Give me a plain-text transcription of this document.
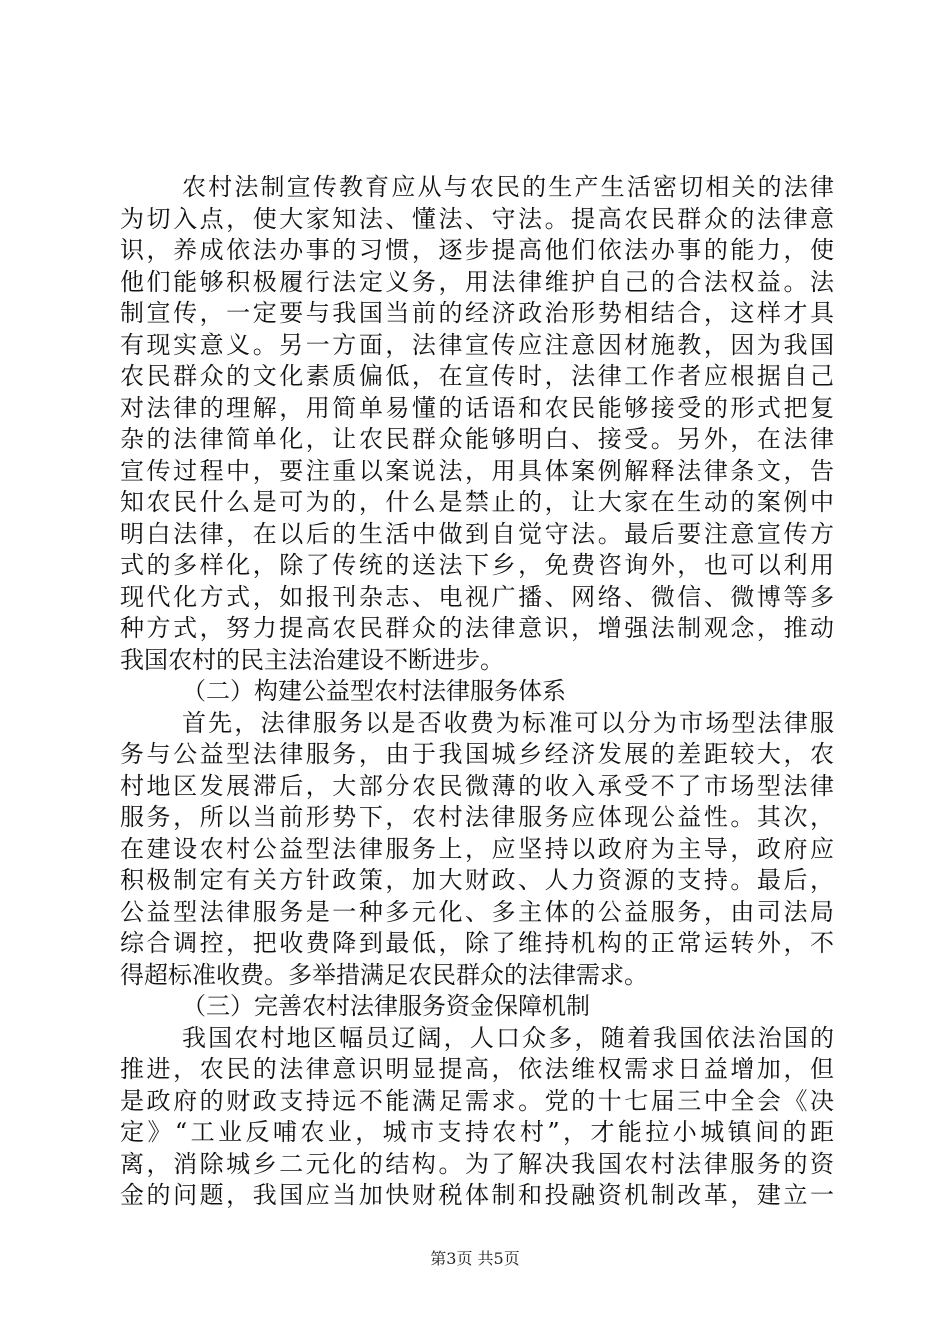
农村法制宣传教育应从与农民的生产生活密切相关的法律
为切入点，使大家知法、懂法、守法。提高农民群众的法律意
识，养成依法办事的习惯，逐步提高他们依法办事的能力，使
他们能够积极履行法定义务，用法律维护自己的合法权益。法
制宣传，一定要与我国当前的经济政治形势相结合，这样才具
有现实意义。另一方面，法律宣传应注意因材施教，因为我国
农民群众的文化素质偏低，在宣传时，法律工作者应根据自己
对法律的理解，用简单易懂的话语和农民能够接受的形式把复
杂的法律简单化，让农民群众能够明白、接受。另外，在法律
宣传过程中，要注重以案说法，用具体案例解释法律条文，告
知农民什么是可为的，什么是禁止的，让大家在生动的案例中
明白法律，在以后的生活中做到自觉守法。最后要注意宣传方
式的多样化，除了传统的送法下乡，免费咨询外，也可以利用
现代化方式，如报刊杂志、电视广播、网络、微信、微博等多
种方式，努力提高农民群众的法律意识，增强法制观念，推动
我国农村的民主法治建设不断进步。
（二）构建公益型农村法律服务体系
首先，法律服务以是否收费为标准可以分为市场型法律服
务与公益型法律服务，由于我国城乡经济发展的差距较大，农
村地区发展滞后，大部分农民微薄的收入承受不了市场型法律
服务，所以当前形势下，农村法律服务应体现公益性。其次，
在建设农村公益型法律服务上，应坚持以政府为主导，政府应
积极制定有关方针政策，加大财政、人力资源的支持。最后，
公益型法律服务是一种多元化、多主体的公益服务，由司法局
综合调控，把收费降到最低，除了维持机构的正常运转外，不
得超标准收费。多举措满足农民群众的法律需求。
（三）完善农村法律服务资金保障机制
我国农村地区幅员辽阔，人口众多，随着我国依法治国的
推进，农民的法律意识明显提高，依法维权需求日益增加，但
是政府的财政支持远不能满足需求。党的十七届三中全会《决
定》“工业反哺农业，城市支持农村”，才能拉小城镇间的距
离，消除城乡二元化的结构。为了解决我国农村法律服务的资
金的问题，我国应当加快财税体制和投融资机制改革，建立一
第3页 共5页
